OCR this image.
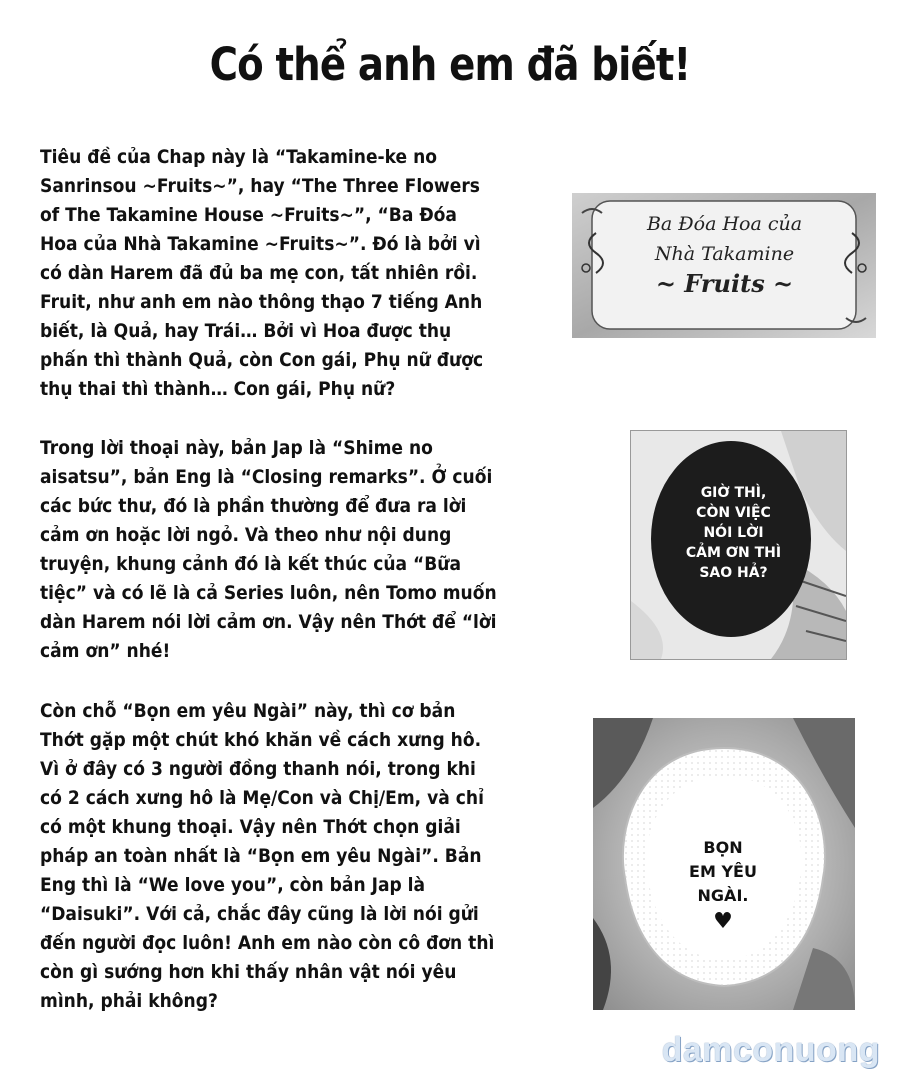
Có thể anh em đã biết!
Tiêu đề của Chap này là “Takamine-ke no
Sanrinsou ~Fruits~”, hay “The Three Flowers
of The Takamine House ~Fruits~”, “Ba Đóa
Hoa của Nhà Takamine ~Fruits~”. Đó là bởi vì
có dàn Harem đã đủ ba mẹ con, tất nhiên rồi.
Fruit, như anh em nào thông thạo 7 tiếng Anh
biết, là Quả, hay Trái… Bởi vì Hoa được thụ
phấn thì thành Quả, còn Con gái, Phụ nữ được
thụ thai thì thành… Con gái, Phụ nữ?
Trong lời thoại này, bản Jap là “Shime no
aisatsu”, bản Eng là “Closing remarks”. Ở cuối
các bức thư, đó là phần thường để đưa ra lời
cảm ơn hoặc lời ngỏ. Và theo như nội dung
truyện, khung cảnh đó là kết thúc của “Bữa
tiệc” và có lẽ là cả Series luôn, nên Tomo muốn
dàn Harem nói lời cảm ơn. Vậy nên Thớt để “lời
cảm ơn” nhé!
Còn chỗ “Bọn em yêu Ngài” này, thì cơ bản
Thớt gặp một chút khó khăn về cách xưng hô.
Vì ở đây có 3 người đồng thanh nói, trong khi
có 2 cách xưng hô là Mẹ/Con và Chị/Em, và chỉ
có một khung thoại. Vậy nên Thớt chọn giải
pháp an toàn nhất là “Bọn em yêu Ngài”. Bản
Eng thì là “We love you”, còn bản Jap là
“Daisuki”. Với cả, chắc đây cũng là lời nói gửi
đến người đọc luôn! Anh em nào còn cô đơn thì
còn gì sướng hơn khi thấy nhân vật nói yêu
mình, phải không?
Ba Đóa Hoa của
Nhà Takamine
~ Fruits ~
GIỜ THÌ,
CÒN VIỆC
NÓI LỜI
CẢM ƠN THÌ
SAO HẢ?
BỌN
EM YÊU
NGÀI.
♥
damconuong
